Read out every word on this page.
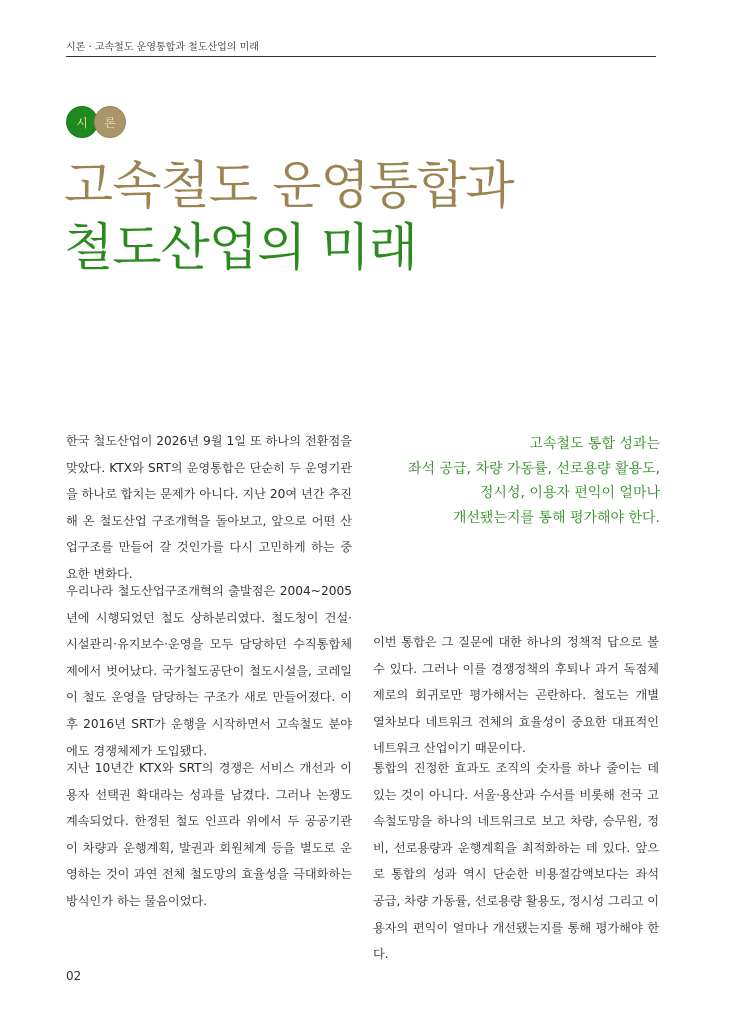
시론 · 고속철도 운영통합과 철도산업의 미래
시	론
고속철도 운영통합과
철도산업의 미래

한국 철도산업이 2026년 9월 1일 또 하나의 전환점을 맞았다. KTX와 SRT의 운영통합은 단순히 두 운영기관을 하나로 합치는 문제가 아니다. 지난 20여 년간 추진해 온 철도산업 구조개혁을 돌아보고, 앞으로 어떤 산업구조를 만들어 갈 것인가를 다시 고민하게 하는 중요한 변화다.

우리나라 철도산업구조개혁의 출발점은 2004~2005년에 시행되었던 철도 상하분리였다. 철도청이 건설·시설관리·유지보수·운영을 모두 담당하던 수직통합체제에서 벗어났다. 국가철도공단이 철도시설을, 코레일이 철도 운영을 담당하는 구조가 새로 만들어졌다. 이후 2016년 SRT가 운행을 시작하면서 고속철도 분야에도 경쟁체제가 도입됐다.

지난 10년간 KTX와 SRT의 경쟁은 서비스 개선과 이용자 선택권 확대라는 성과를 남겼다. 그러나 논쟁도 계속되었다. 한정된 철도 인프라 위에서 두 공공기관이 차량과 운행계획, 발권과 회원체계 등을 별도로 운영하는 것이 과연 전체 철도망의 효율성을 극대화하는 방식인가 하는 물음이었다.

고속철도 통합 성과는
좌석 공급, 차량 가동률, 선로용량 활용도,
정시성, 이용자 편익이 얼마나
개선됐는지를 통해 평가해야 한다.

이번 통합은 그 질문에 대한 하나의 정책적 답으로 볼 수 있다. 그러나 이를 경쟁정책의 후퇴나 과거 독점체제로의 회귀로만 평가해서는 곤란하다. 철도는 개별 열차보다 네트워크 전체의 효율성이 중요한 대표적인 네트워크 산업이기 때문이다.

통합의 진정한 효과도 조직의 숫자를 하나 줄이는 데 있는 것이 아니다. 서울·용산과 수서를 비롯해 전국 고속철도망을 하나의 네트워크로 보고 차량, 승무원, 정비, 선로용량과 운행계획을 최적화하는 데 있다. 앞으로 통합의 성과 역시 단순한 비용절감액보다는 좌석 공급, 차량 가동률, 선로용량 활용도, 정시성 그리고 이용자의 편익이 얼마나 개선됐는지를 통해 평가해야 한다.

02
